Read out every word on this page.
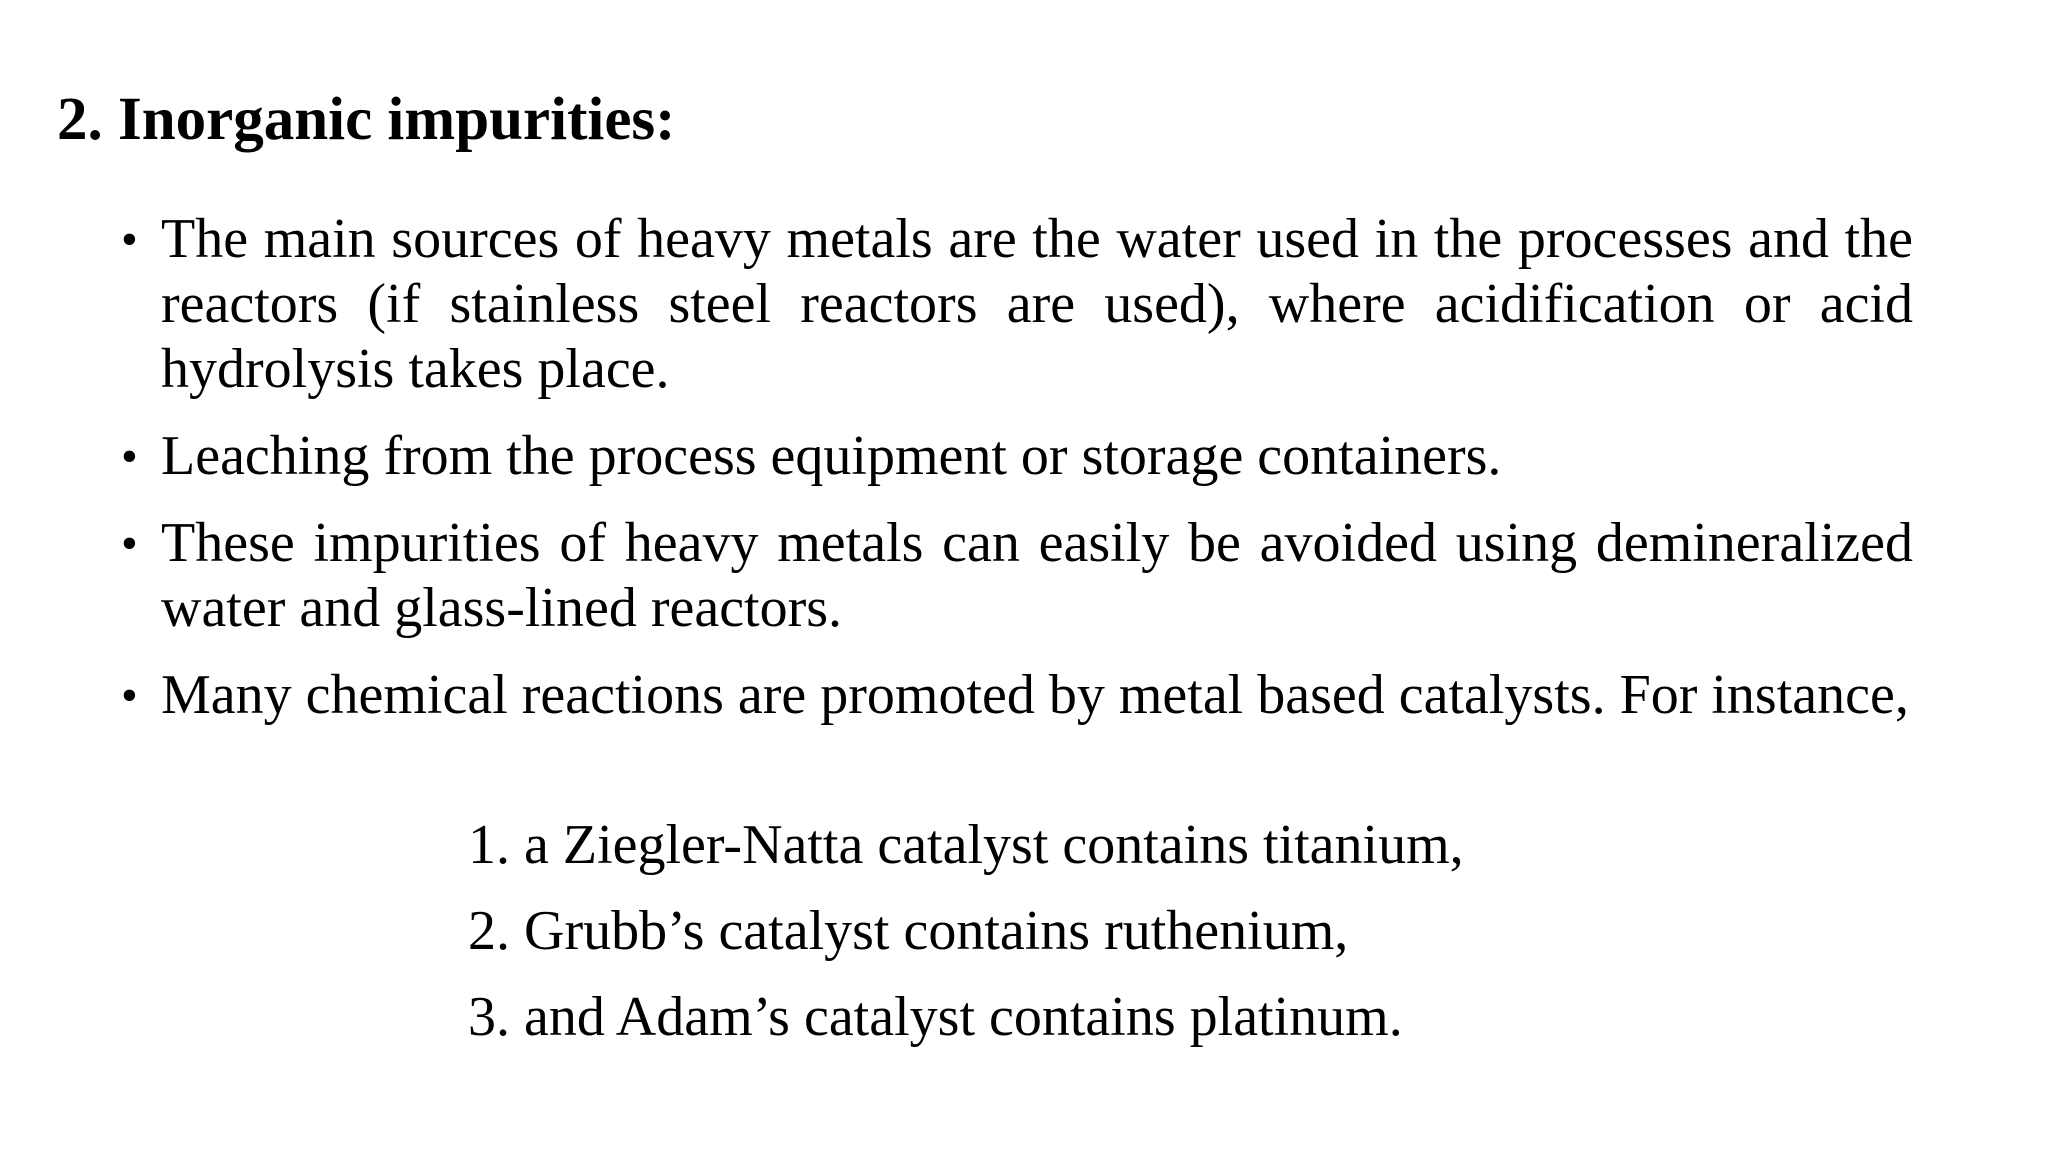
2. Inorganic impurities:
• The main sources of heavy metals are the water used in the processes and the reactors (if stainless steel reactors are used), where acidification or acid hydrolysis takes place.
• Leaching from the process equipment or storage containers.
• These impurities of heavy metals can easily be avoided using demineralized water and glass-lined reactors.
• Many chemical reactions are promoted by metal based catalysts. For instance,
1. a Ziegler-Natta catalyst contains titanium,
2. Grubb’s catalyst contains ruthenium,
3. and Adam’s catalyst contains platinum.
